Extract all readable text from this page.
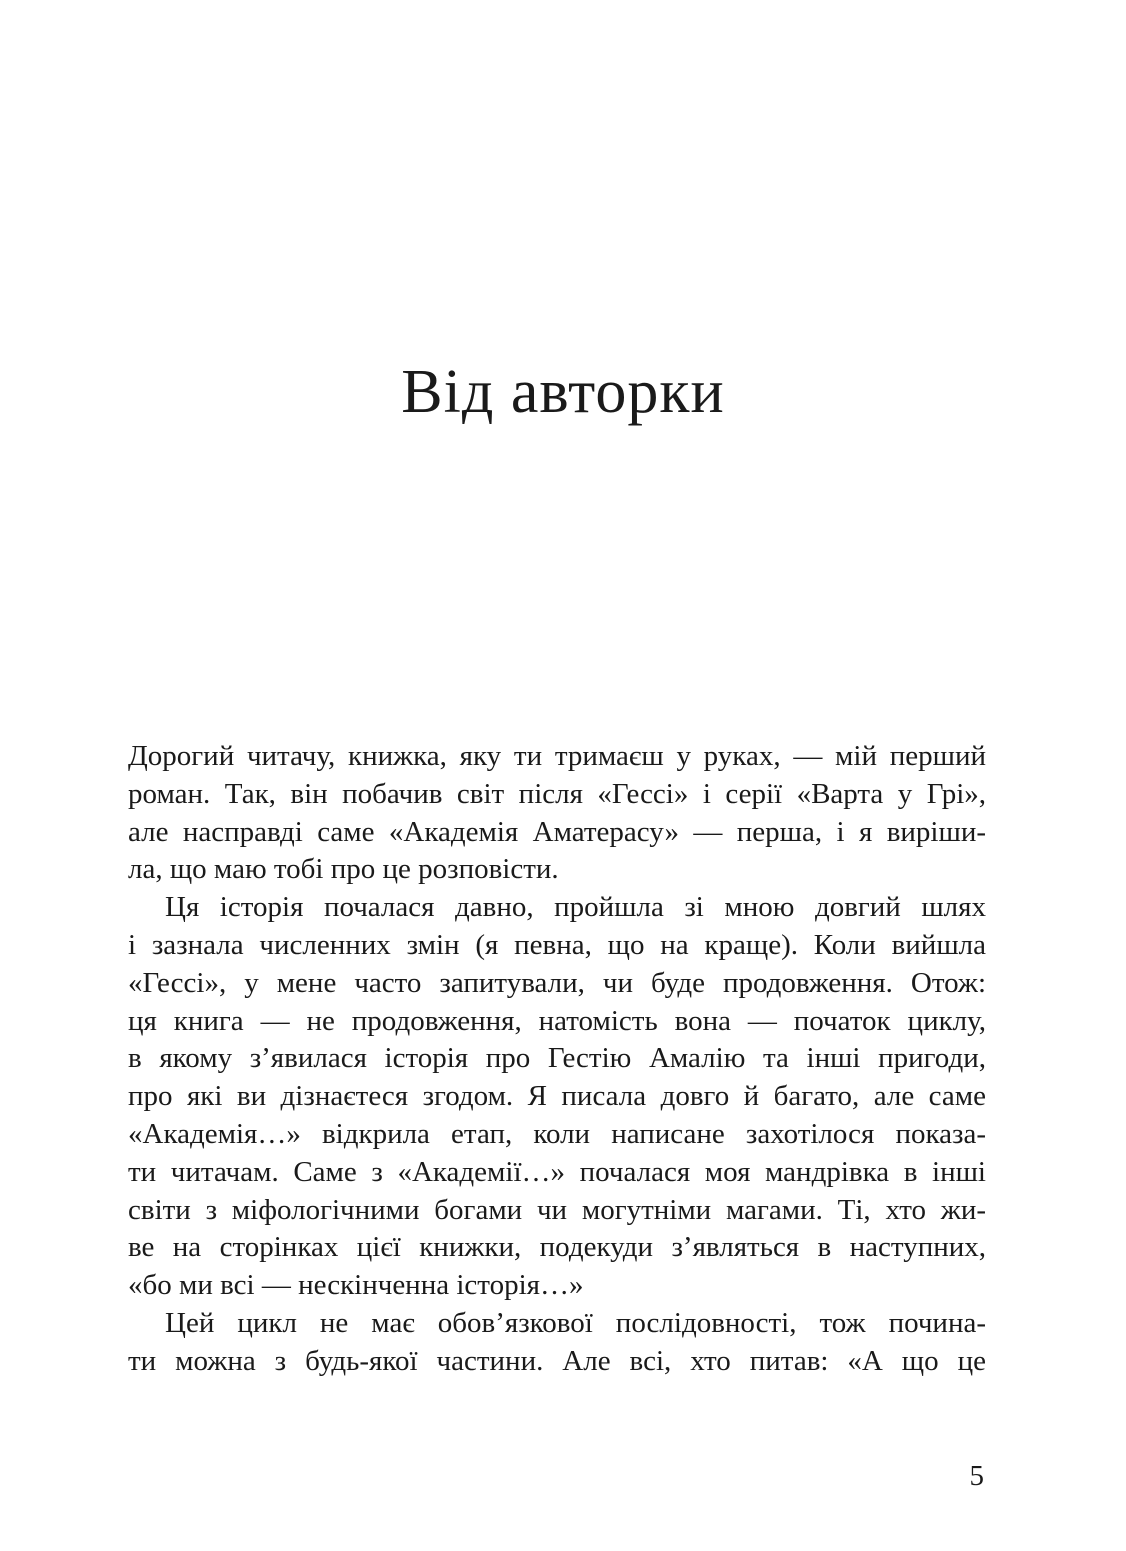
Від авторки
Дорогий читачу, книжка, яку ти тримаєш у руках, — мій перший
роман. Так, він побачив світ після «Гессі» і серії «Варта у Грі»,
але насправді саме «Академія Аматерасу» — перша, і я виріши-
ла, що маю тобі про це розповісти.
Ця історія почалася давно, пройшла зі мною довгий шлях
і зазнала численних змін (я певна, що на краще). Коли вийшла
«Гессі», у мене часто запитували, чи буде продовження. Отож:
ця книга — не продовження, натомість вона — початок циклу,
в якому з’явилася історія про Гестію Амалію та інші пригоди,
про які ви дізнаєтеся згодом. Я писала довго й багато, але саме
«Академія…» відкрила етап, коли написане захотілося показа-
ти читачам. Саме з «Академії…» почалася моя мандрівка в інші
світи з міфологічними богами чи могутніми магами. Ті, хто жи-
ве на сторінках цієї книжки, подекуди з’являться в наступних,
«бо ми всі — нескінченна історія…»
Цей цикл не має обов’язкової послідовності, тож почина-
ти можна з будь-якої частини. Але всі, хто питав: «А що це
5
